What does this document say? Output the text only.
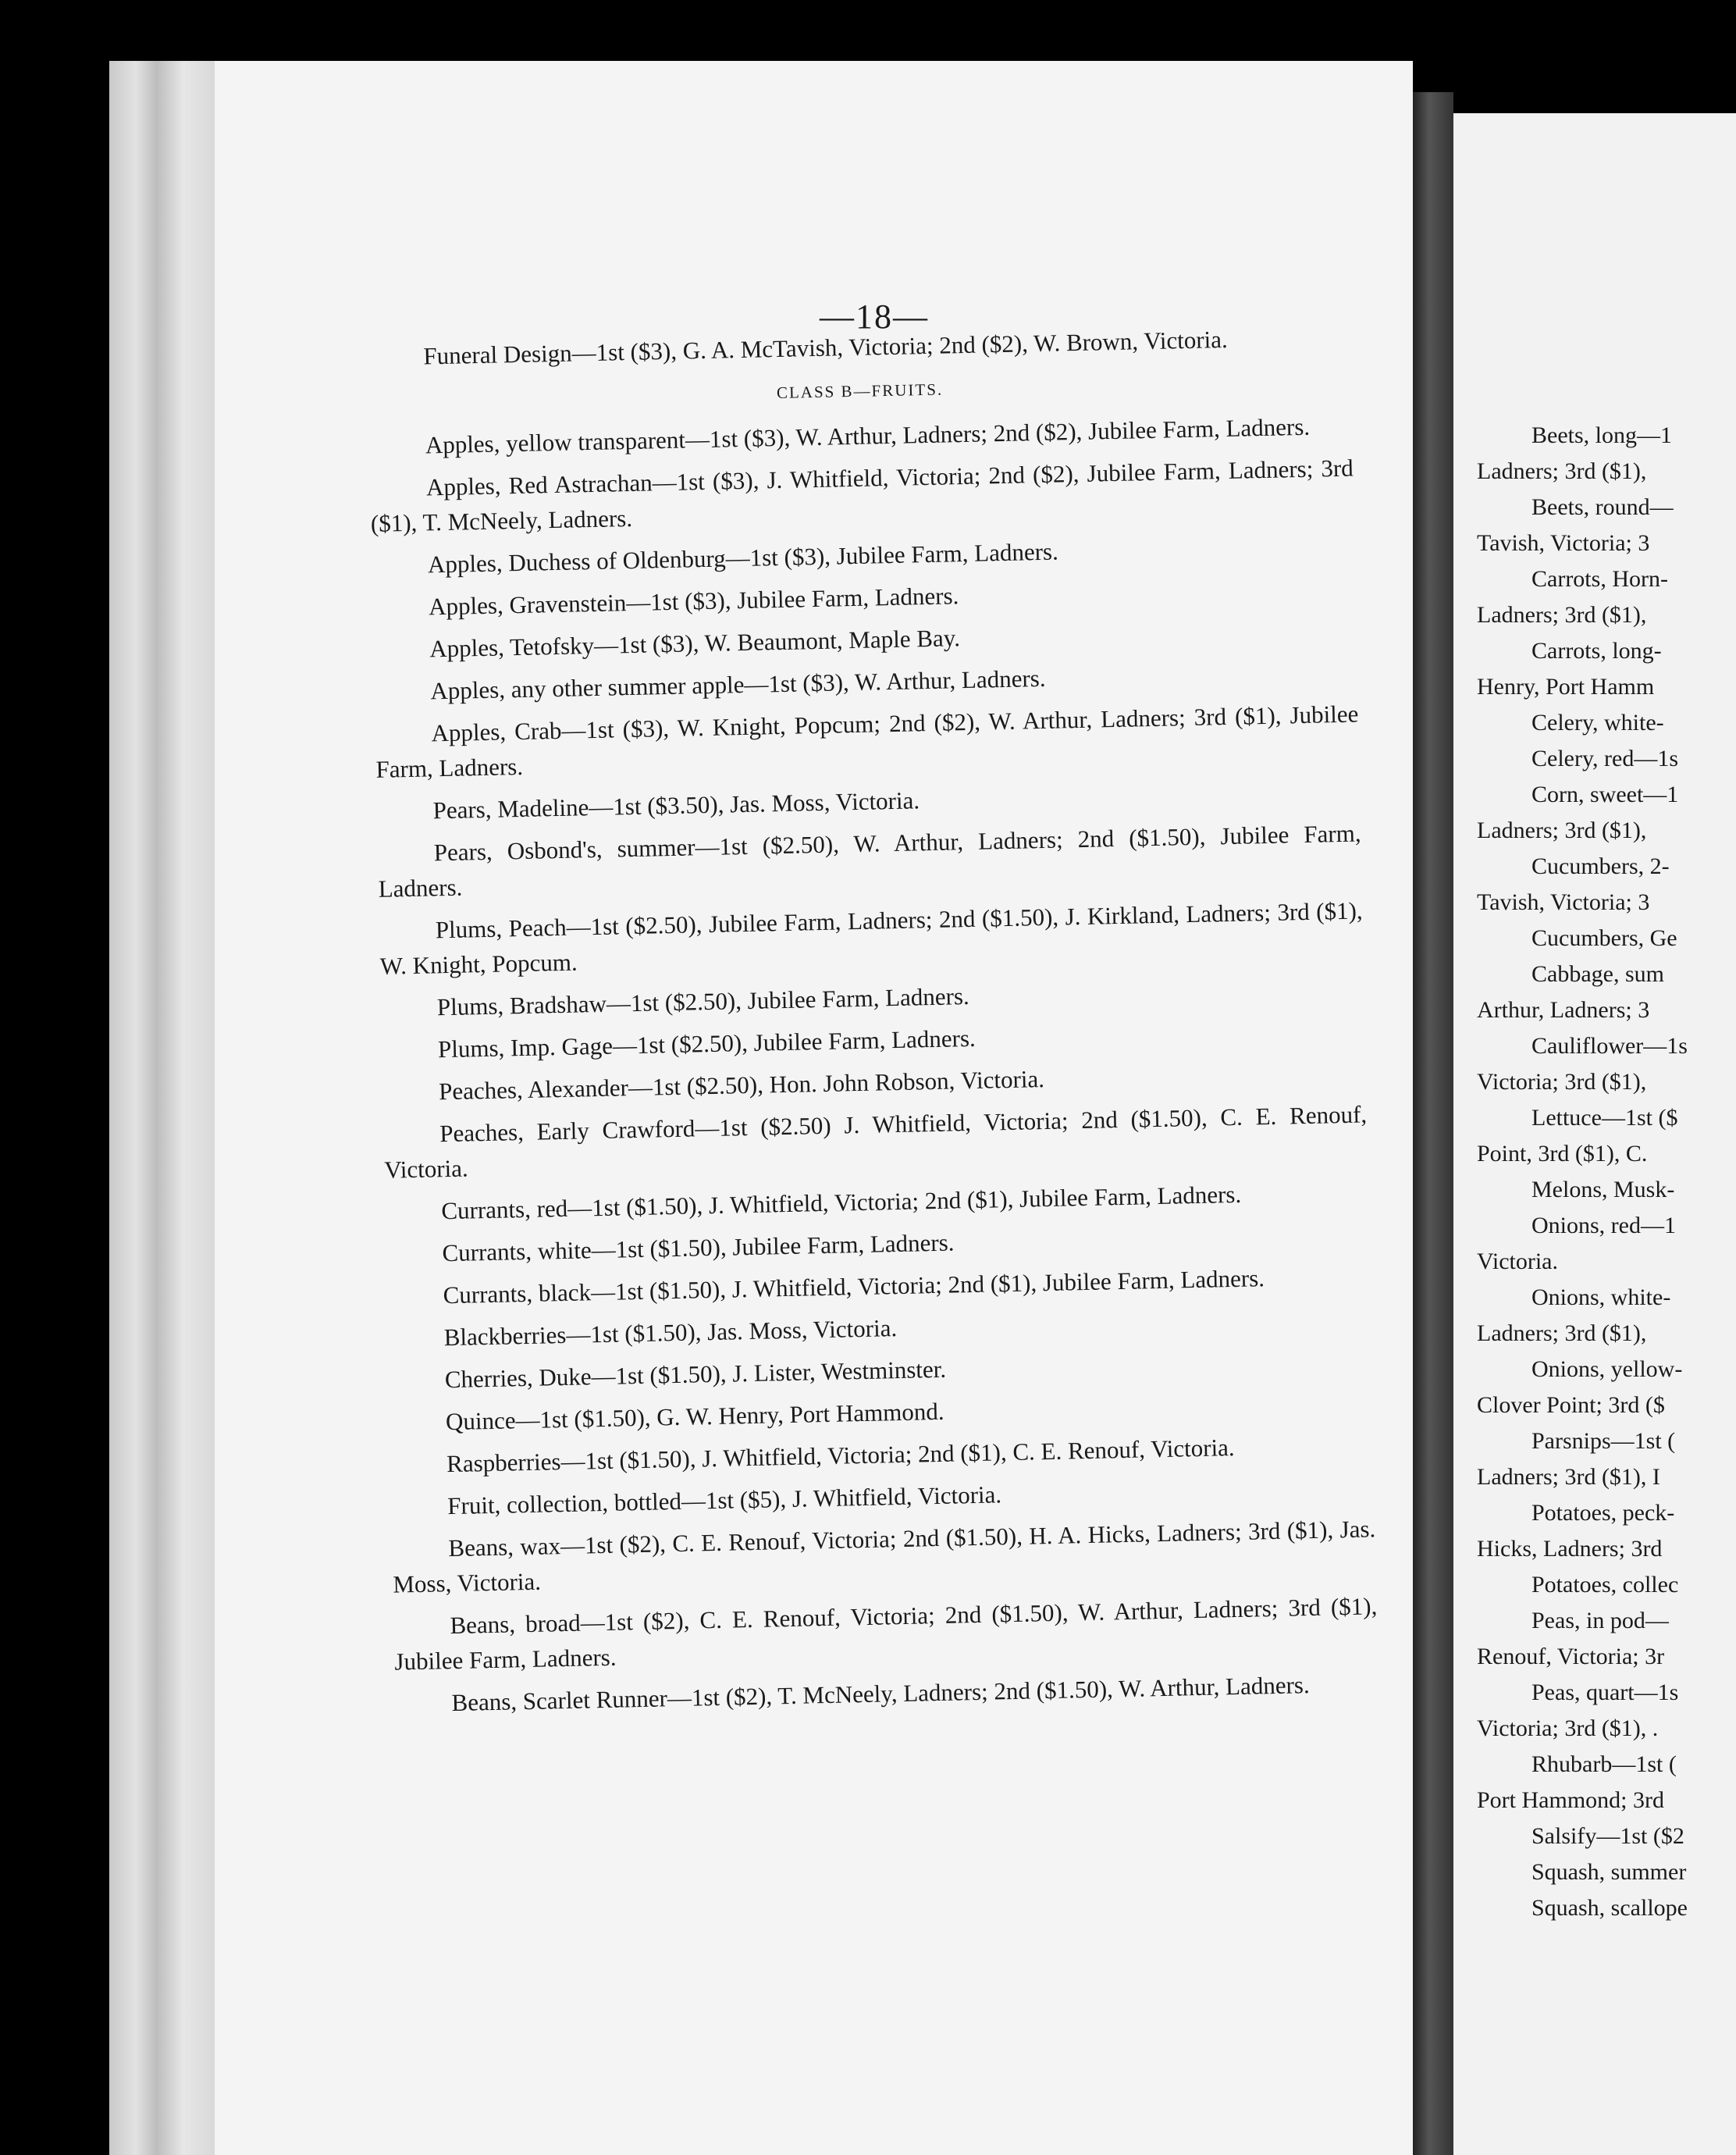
—18—

Funeral Design—1st ($3), G. A. McTavish, Victoria; 2nd ($2), W. Brown, Victoria.

CLASS B—FRUITS.

Apples, yellow transparent—1st ($3), W. Arthur, Ladners; 2nd ($2), Jubilee Farm, Ladners.

Apples, Red Astrachan—1st ($3), J. Whitfield, Victoria; 2nd ($2), Jubilee Farm, Ladners; 3rd ($1), T. McNeely, Ladners.

Apples, Duchess of Oldenburg—1st ($3), Jubilee Farm, Ladners.

Apples, Gravenstein—1st ($3), Jubilee Farm, Ladners.

Apples, Tetofsky—1st ($3), W. Beaumont, Maple Bay.

Apples, any other summer apple—1st ($3), W. Arthur, Ladners.

Apples, Crab—1st ($3), W. Knight, Popcum; 2nd ($2), W. Arthur, Ladners; 3rd ($1), Jubilee Farm, Ladners.

Pears, Madeline—1st ($3.50), Jas. Moss, Victoria.

Pears, Osbond's, summer—1st ($2.50), W. Arthur, Ladners; 2nd ($1.50), Jubilee Farm, Ladners.

Plums, Peach—1st ($2.50), Jubilee Farm, Ladners; 2nd ($1.50), J. Kirkland, Ladners; 3rd ($1), W. Knight, Popcum.

Plums, Bradshaw—1st ($2.50), Jubilee Farm, Ladners.

Plums, Imp. Gage—1st ($2.50), Jubilee Farm, Ladners.

Peaches, Alexander—1st ($2.50), Hon. John Robson, Victoria.

Peaches, Early Crawford—1st ($2.50) J. Whitfield, Victoria; 2nd ($1.50), C. E. Renouf, Victoria.

Currants, red—1st ($1.50), J. Whitfield, Victoria; 2nd ($1), Jubilee Farm, Ladners.

Currants, white—1st ($1.50), Jubilee Farm, Ladners.

Currants, black—1st ($1.50), J. Whitfield, Victoria; 2nd ($1), Jubilee Farm, Ladners.

Blackberries—1st ($1.50), Jas. Moss, Victoria.

Cherries, Duke—1st ($1.50), J. Lister, Westminster.

Quince—1st ($1.50), G. W. Henry, Port Hammond.

Raspberries—1st ($1.50), J. Whitfield, Victoria; 2nd ($1), C. E. Renouf, Victoria.

Fruit, collection, bottled—1st ($5), J. Whitfield, Victoria.

Beans, wax—1st ($2), C. E. Renouf, Victoria; 2nd ($1.50), H. A. Hicks, Ladners; 3rd ($1), Jas. Moss, Victoria.

Beans, broad—1st ($2), C. E. Renouf, Victoria; 2nd ($1.50), W. Arthur, Ladners; 3rd ($1), Jubilee Farm, Ladners.

Beans, Scarlet Runner—1st ($2), T. McNeely, Ladners; 2nd ($1.50), W. Arthur, Ladners.

Beets, long—1
Ladners; 3rd ($1),
Beets, round—
Tavish, Victoria; 3
Carrots, Horn-
Ladners; 3rd ($1),
Carrots, long-
Henry, Port Hamm
Celery, white-
Celery, red—1s
Corn, sweet—1
Ladners; 3rd ($1),
Cucumbers, 2-
Tavish, Victoria; 3
Cucumbers, Ge
Cabbage, sum
Arthur, Ladners; 3
Cauliflower—1s
Victoria; 3rd ($1),
Lettuce—1st ($
Point, 3rd ($1), C.
Melons, Musk-
Onions, red—1
Victoria.
Onions, white-
Ladners; 3rd ($1),
Onions, yellow-
Clover Point; 3rd ($
Parsnips—1st (
Ladners; 3rd ($1), I
Potatoes, peck-
Hicks, Ladners; 3rd
Potatoes, collec
Peas, in pod—
Renouf, Victoria; 3r
Peas, quart—1s
Victoria; 3rd ($1), .
Rhubarb—1st (
Port Hammond; 3rd
Salsify—1st ($2
Squash, summer
Squash, scallope
